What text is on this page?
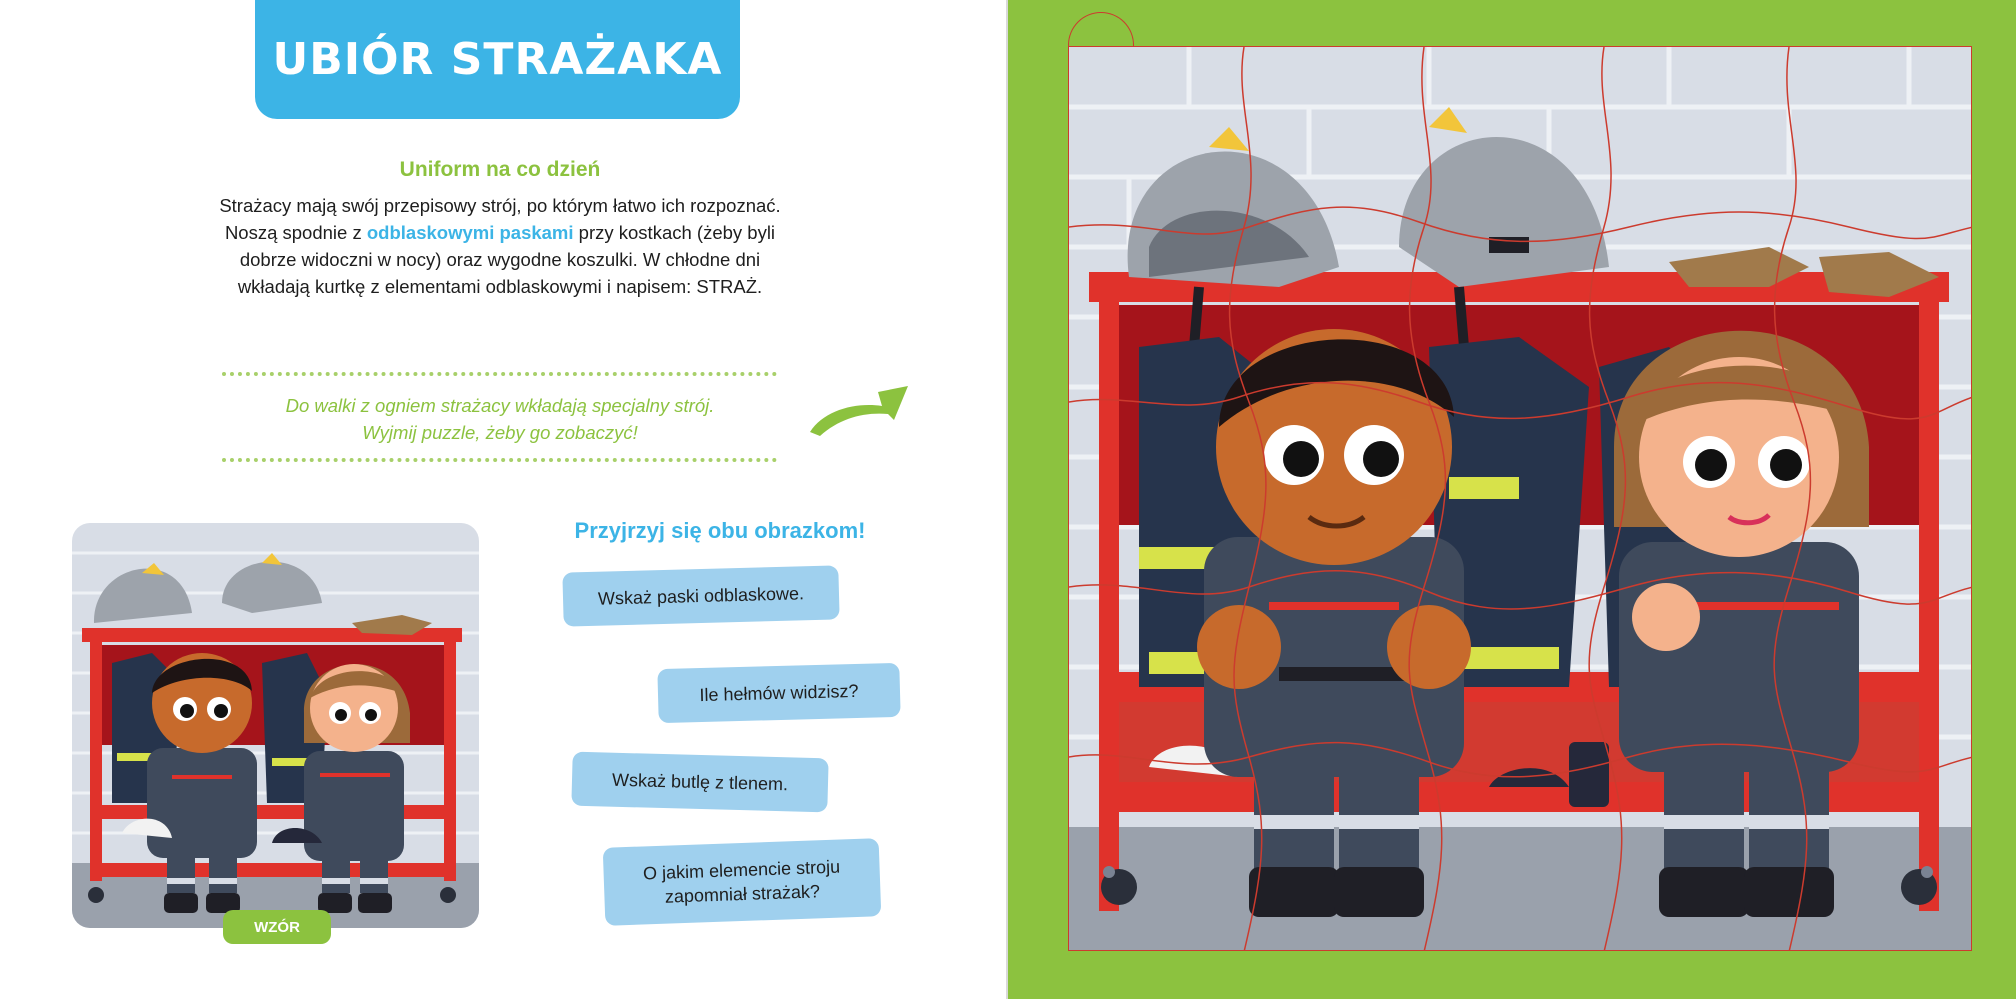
UBIÓR STRAŻAKA
Uniform na co dzień
Strażacy mają swój przepisowy strój, po którym łatwo ich rozpoznać.
Noszą spodnie z odblaskowymi paskami przy kostkach (żeby byli
dobrze widoczni w nocy) oraz wygodne koszulki. W chłodne dni
wkładają kurtkę z elementami odblaskowymi i napisem: STRAŻ.
Do walki z ogniem strażacy wkładają specjalny strój.
Wyjmij puzzle, żeby go zobaczyć!
WZÓR
Przyjrzyj się obu obrazkom!
Wskaż paski odblaskowe.
Ile hełmów widzisz?
Wskaż butlę z tlenem.
O jakim elemencie stroju zapomniał strażak?
